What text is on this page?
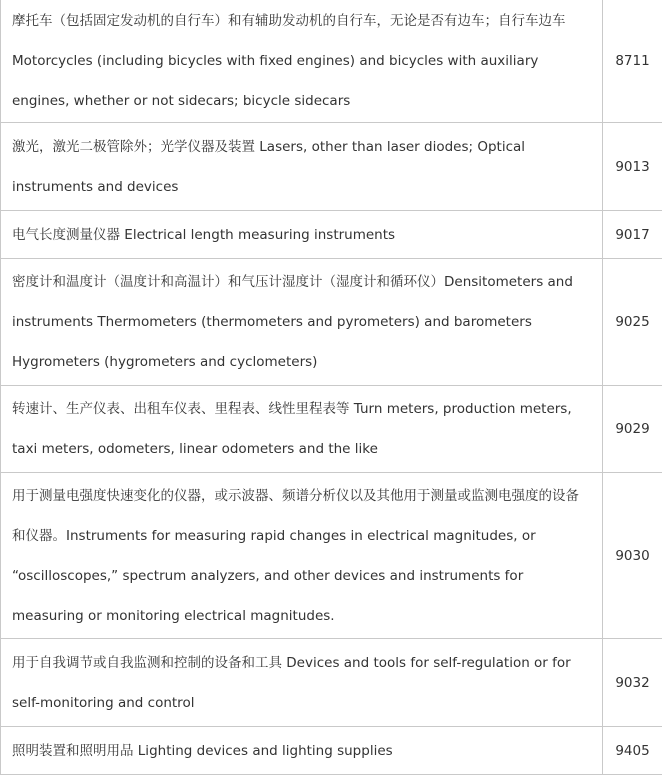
摩托车（包括固定发动机的自行车）和有辅助发动机的自行车，无论是否有边车；自行车边车 Motorcycles (including bicycles with fixed engines) and bicycles with auxiliary engines, whether or not sidecars; bicycle sidecars	8711
激光，激光二极管除外；光学仪器及装置 Lasers, other than laser diodes; Optical instruments and devices	9013
电气长度测量仪器 Electrical length measuring instruments	9017
密度计和温度计（温度计和高温计）和气压计湿度计（湿度计和循环仪）Densitometers and instruments Thermometers (thermometers and pyrometers) and barometers Hygrometers (hygrometers and cyclometers)	9025
转速计、生产仪表、出租车仪表、里程表、线性里程表等 Turn meters, production meters, taxi meters, odometers, linear odometers and the like	9029
用于测量电强度快速变化的仪器，或示波器、频谱分析仪以及其他用于测量或监测电强度的设备和仪器。Instruments for measuring rapid changes in electrical magnitudes, or “oscilloscopes,” spectrum analyzers, and other devices and instruments for measuring or monitoring electrical magnitudes.	9030
用于自我调节或自我监测和控制的设备和工具 Devices and tools for self-regulation or for self-monitoring and control	9032
照明装置和照明用品 Lighting devices and lighting supplies	9405
